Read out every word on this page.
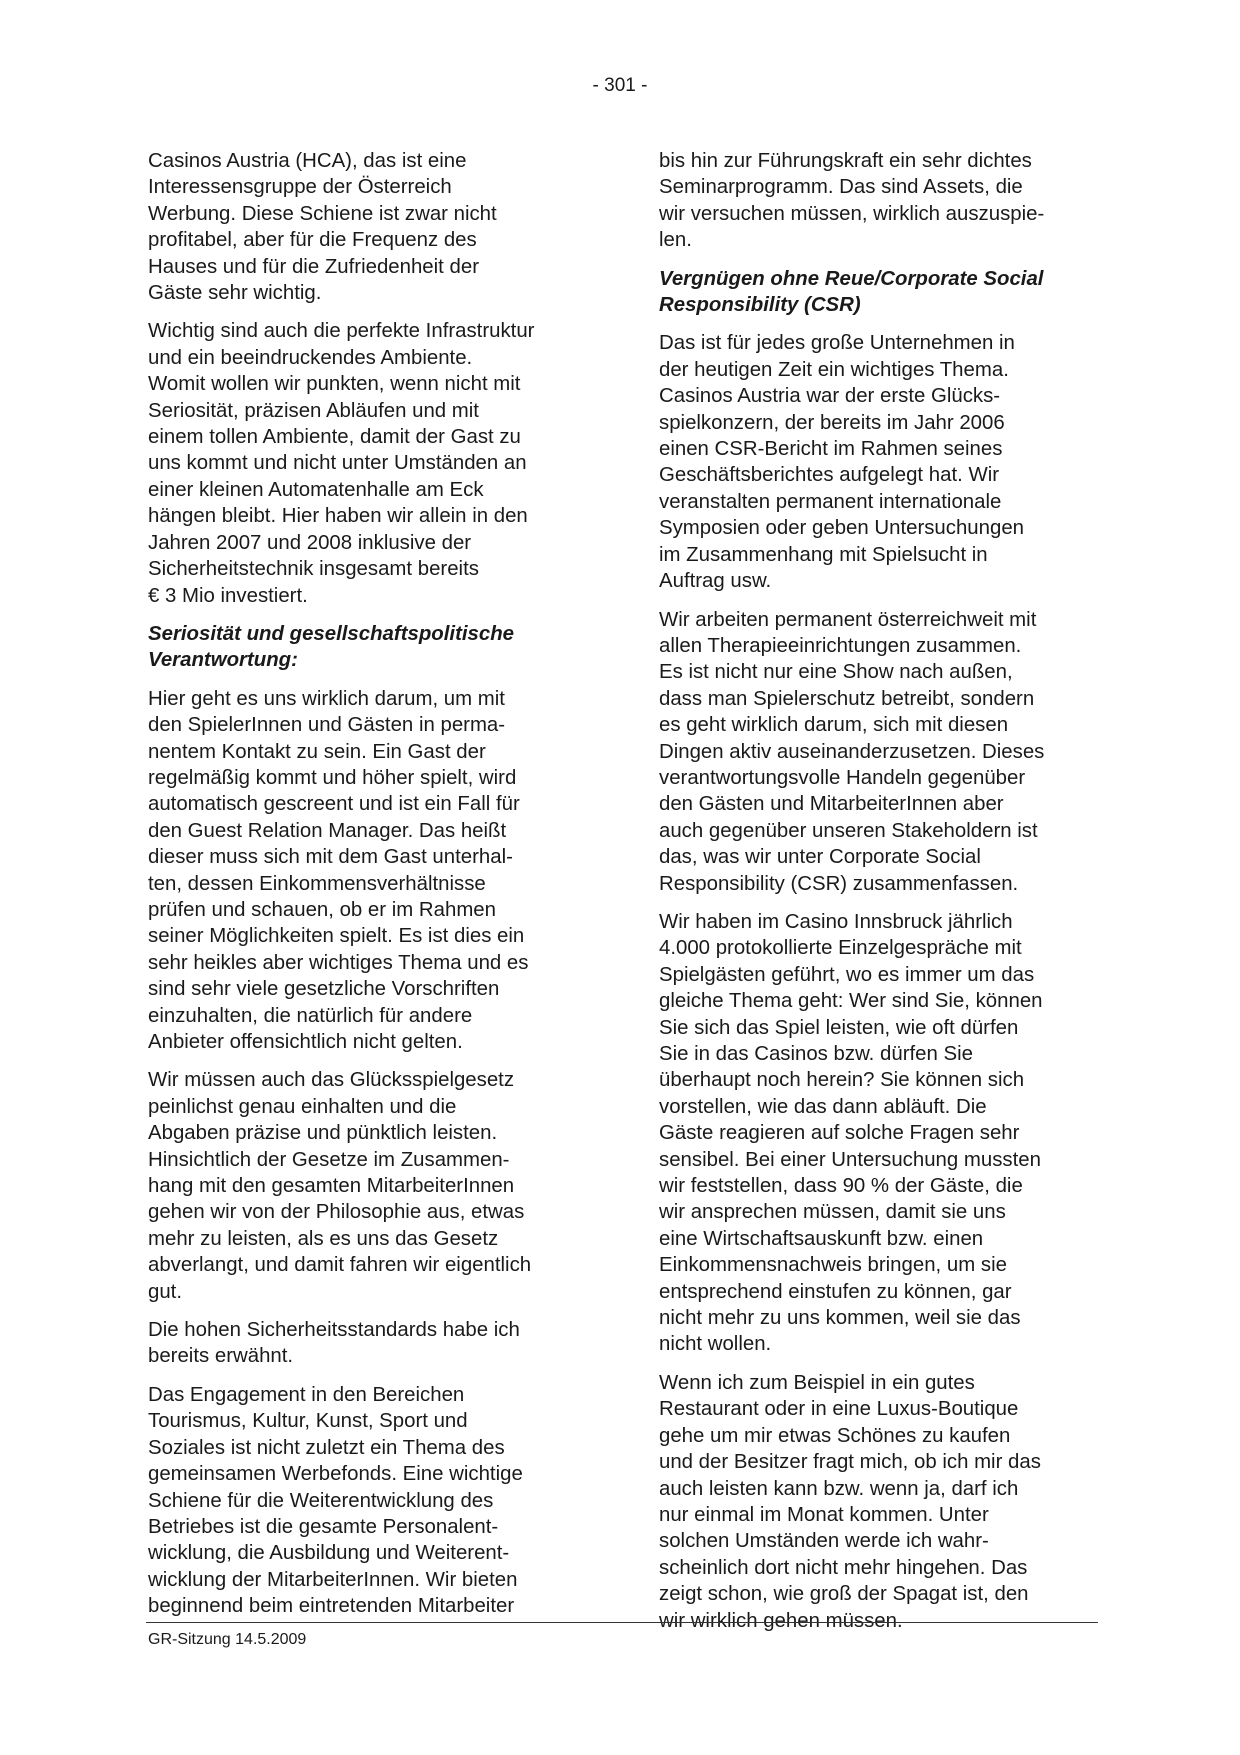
- 301 -
Casinos Austria (HCA), das ist eine
Interessensgruppe der Österreich
Werbung. Diese Schiene ist zwar nicht
profitabel, aber für die Frequenz des
Hauses und für die Zufriedenheit der
Gäste sehr wichtig.
Wichtig sind auch die perfekte Infrastruktur
und ein beeindruckendes Ambiente.
Womit wollen wir punkten, wenn nicht mit
Seriosität, präzisen Abläufen und mit
einem tollen Ambiente, damit der Gast zu
uns kommt und nicht unter Umständen an
einer kleinen Automatenhalle am Eck
hängen bleibt. Hier haben wir allein in den
Jahren 2007 und 2008 inklusive der
Sicherheitstechnik insgesamt bereits
€ 3 Mio investiert.
Seriosität und gesellschaftspolitische
Verantwortung:
Hier geht es uns wirklich darum, um mit
den SpielerInnen und Gästen in perma-
nentem Kontakt zu sein. Ein Gast der
regelmäßig kommt und höher spielt, wird
automatisch gescreent und ist ein Fall für
den Guest Relation Manager. Das heißt
dieser muss sich mit dem Gast unterhal-
ten, dessen Einkommensverhältnisse
prüfen und schauen, ob er im Rahmen
seiner Möglichkeiten spielt. Es ist dies ein
sehr heikles aber wichtiges Thema und es
sind sehr viele gesetzliche Vorschriften
einzuhalten, die natürlich für andere
Anbieter offensichtlich nicht gelten.
Wir müssen auch das Glücksspielgesetz
peinlichst genau einhalten und die
Abgaben präzise und pünktlich leisten.
Hinsichtlich der Gesetze im Zusammen-
hang mit den gesamten MitarbeiterInnen
gehen wir von der Philosophie aus, etwas
mehr zu leisten, als es uns das Gesetz
abverlangt, und damit fahren wir eigentlich
gut.
Die hohen Sicherheitsstandards habe ich
bereits erwähnt.
Das Engagement in den Bereichen
Tourismus, Kultur, Kunst, Sport und
Soziales ist nicht zuletzt ein Thema des
gemeinsamen Werbefonds. Eine wichtige
Schiene für die Weiterentwicklung des
Betriebes ist die gesamte Personalent-
wicklung, die Ausbildung und Weiterent-
wicklung der MitarbeiterInnen. Wir bieten
beginnend beim eintretenden Mitarbeiter
bis hin zur Führungskraft ein sehr dichtes
Seminarprogramm. Das sind Assets, die
wir versuchen müssen, wirklich auszuspie-
len.
Vergnügen ohne Reue/Corporate Social
Responsibility (CSR)
Das ist für jedes große Unternehmen in
der heutigen Zeit ein wichtiges Thema.
Casinos Austria war der erste Glücks-
spielkonzern, der bereits im Jahr 2006
einen CSR-Bericht im Rahmen seines
Geschäftsberichtes aufgelegt hat. Wir
veranstalten permanent internationale
Symposien oder geben Untersuchungen
im Zusammenhang mit Spielsucht in
Auftrag usw.
Wir arbeiten permanent österreichweit mit
allen Therapieeinrichtungen zusammen.
Es ist nicht nur eine Show nach außen,
dass man Spielerschutz betreibt, sondern
es geht wirklich darum, sich mit diesen
Dingen aktiv auseinanderzusetzen. Dieses
verantwortungsvolle Handeln gegenüber
den Gästen und MitarbeiterInnen aber
auch gegenüber unseren Stakeholdern ist
das, was wir unter Corporate Social
Responsibility (CSR) zusammenfassen.
Wir haben im Casino Innsbruck jährlich
4.000 protokollierte Einzelgespräche mit
Spielgästen geführt, wo es immer um das
gleiche Thema geht: Wer sind Sie, können
Sie sich das Spiel leisten, wie oft dürfen
Sie in das Casinos bzw. dürfen Sie
überhaupt noch herein? Sie können sich
vorstellen, wie das dann abläuft. Die
Gäste reagieren auf solche Fragen sehr
sensibel. Bei einer Untersuchung mussten
wir feststellen, dass 90 % der Gäste, die
wir ansprechen müssen, damit sie uns
eine Wirtschaftsauskunft bzw. einen
Einkommensnachweis bringen, um sie
entsprechend einstufen zu können, gar
nicht mehr zu uns kommen, weil sie das
nicht wollen.
Wenn ich zum Beispiel in ein gutes
Restaurant oder in eine Luxus-Boutique
gehe um mir etwas Schönes zu kaufen
und der Besitzer fragt mich, ob ich mir das
auch leisten kann bzw. wenn ja, darf ich
nur einmal im Monat kommen. Unter
solchen Umständen werde ich wahr-
scheinlich dort nicht mehr hingehen. Das
zeigt schon, wie groß der Spagat ist, den
wir wirklich gehen müssen.
GR-Sitzung 14.5.2009
